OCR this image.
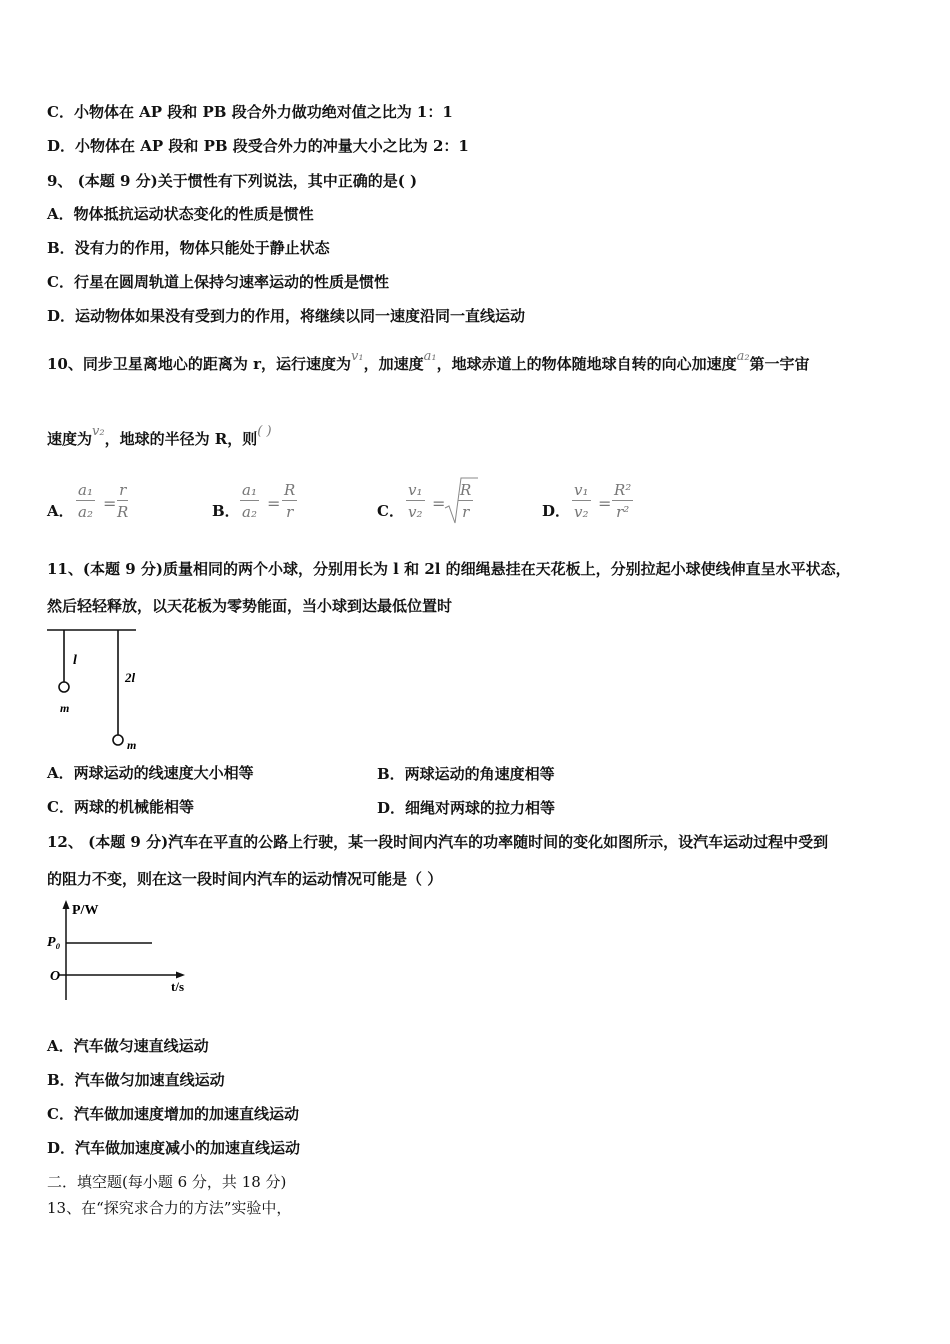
C．小物体在 AP 段和 PB 段合外力做功绝对值之比为 1：1
D．小物体在 AP 段和 PB 段受合外力的冲量大小之比为 2：1
9、 (本题 9 分)关于惯性有下列说法，其中正确的是( )
A．物体抵抗运动状态变化的性质是惯性
B．没有力的作用，物体只能处于静止状态
C．行星在圆周轨道上保持匀速率运动的性质是惯性
D．运动物体如果没有受到力的作用，将继续以同一速度沿同一直线运动
10、同步卫星离地心的距离为 r，运行速度为v₁，加速度a₁，地球赤道上的物体随地球自转的向心加速度a₂第一宇宙
速度为v₂，地球的半径为 R，则( )
A． $\frac{\text{a₁}}{\text{a₂}} = \frac{r}{R}$	B． $\frac{\text{a₁}}{\text{a₂}} = \frac{R}{r}$	C． $\frac{\text{v₁}}{\text{v₂}} = \frac{R}{r}$	D． $\frac{\text{v₁}}{\text{v₂}} = \frac{\text{R²}}{\text{r²}}$
11、(本题 9 分)质量相同的两个小球，分别用长为 l 和 2l 的细绳悬挂在天花板上，分别拉起小球使线伸直呈水平状态，
然后轻轻释放，以天花板为零势能面，当小球到达最低位置时
l
2l
m
m
A．两球运动的线速度大小相等	B．两球运动的角速度相等
C．两球的机械能相等	D．细绳对两球的拉力相等
12、 (本题 9 分)汽车在平直的公路上行驶，某一段时间内汽车的功率随时间的变化如图所示，设汽车运动过程中受到
的阻力不变，则在这一段时间内汽车的运动情况可能是（ ）
P/W
P₀
O
t/s
A．汽车做匀速直线运动
B．汽车做匀加速直线运动
C．汽车做加速度增加的加速直线运动
D．汽车做加速度减小的加速直线运动
二．填空题(每小题 6 分，共 18 分)
13、在“探究求合力的方法”实验中，
